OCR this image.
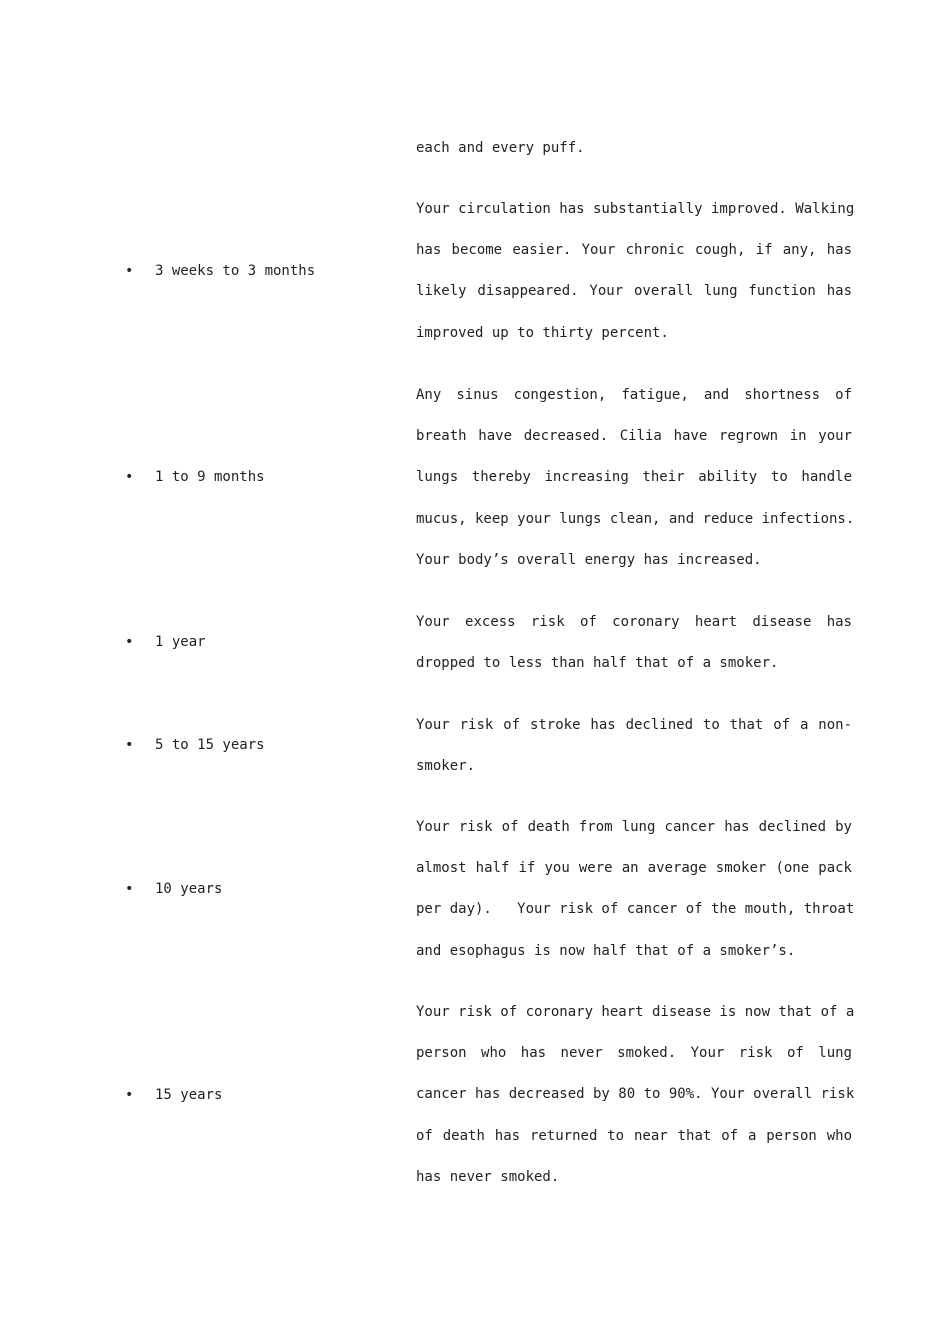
each and every puff.
• 3 weeks to 3 months
Your circulation has substantially improved. Walking
has become easier. Your chronic cough, if any, has
likely disappeared. Your overall lung function has
improved up to thirty percent.
• 1 to 9 months
Any sinus congestion, fatigue, and shortness of
breath have decreased. Cilia have regrown in your
lungs thereby increasing their ability to handle
mucus, keep your lungs clean, and reduce infections.
Your body’s overall energy has increased.
• 1 year
Your excess risk of coronary heart disease has
dropped to less than half that of a smoker.
• 5 to 15 years
Your risk of stroke has declined to that of a non-
smoker.
• 10 years
Your risk of death from lung cancer has declined by
almost half if you were an average smoker (one pack
per day).   Your risk of cancer of the mouth, throat
and esophagus is now half that of a smoker’s.
• 15 years
Your risk of coronary heart disease is now that of a
person who has never smoked. Your risk of lung
cancer has decreased by 80 to 90%. Your overall risk
of death has returned to near that of a person who
has never smoked.
